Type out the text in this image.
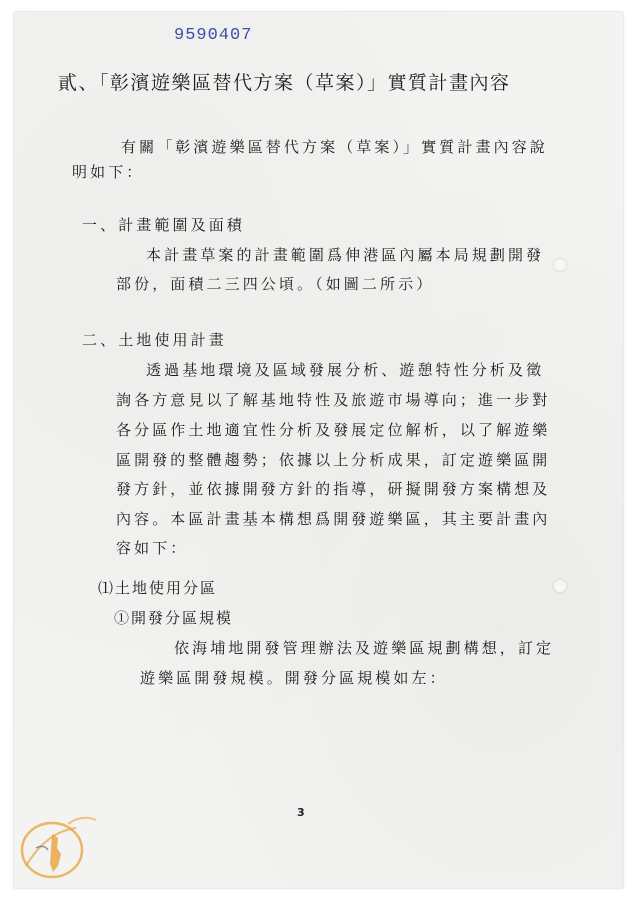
9590407
貳、「彰濱遊樂區替代方案（草案）」實質計畫內容
有關「彰濱遊樂區替代方案（草案）」實質計畫內容說
明如下：
一、計畫範圍及面積
本計畫草案的計畫範圍爲伸港區內屬本局規劃開發
部份，面積二三四公頃。（如圖二所示）
二、土地使用計畫
透過基地環境及區域發展分析、遊憩特性分析及徵
詢各方意見以了解基地特性及旅遊市場導向；進一步對
各分區作土地適宜性分析及發展定位解析，以了解遊樂
區開發的整體趨勢；依據以上分析成果，訂定遊樂區開
發方針，並依據開發方針的指導，研擬開發方案構想及
內容。本區計畫基本構想爲開發遊樂區，其主要計畫內
容如下：
⑴土地使用分區
①開發分區規模
依海埔地開發管理辦法及遊樂區規劃構想，訂定
遊樂區開發規模。開發分區規模如左：
3
